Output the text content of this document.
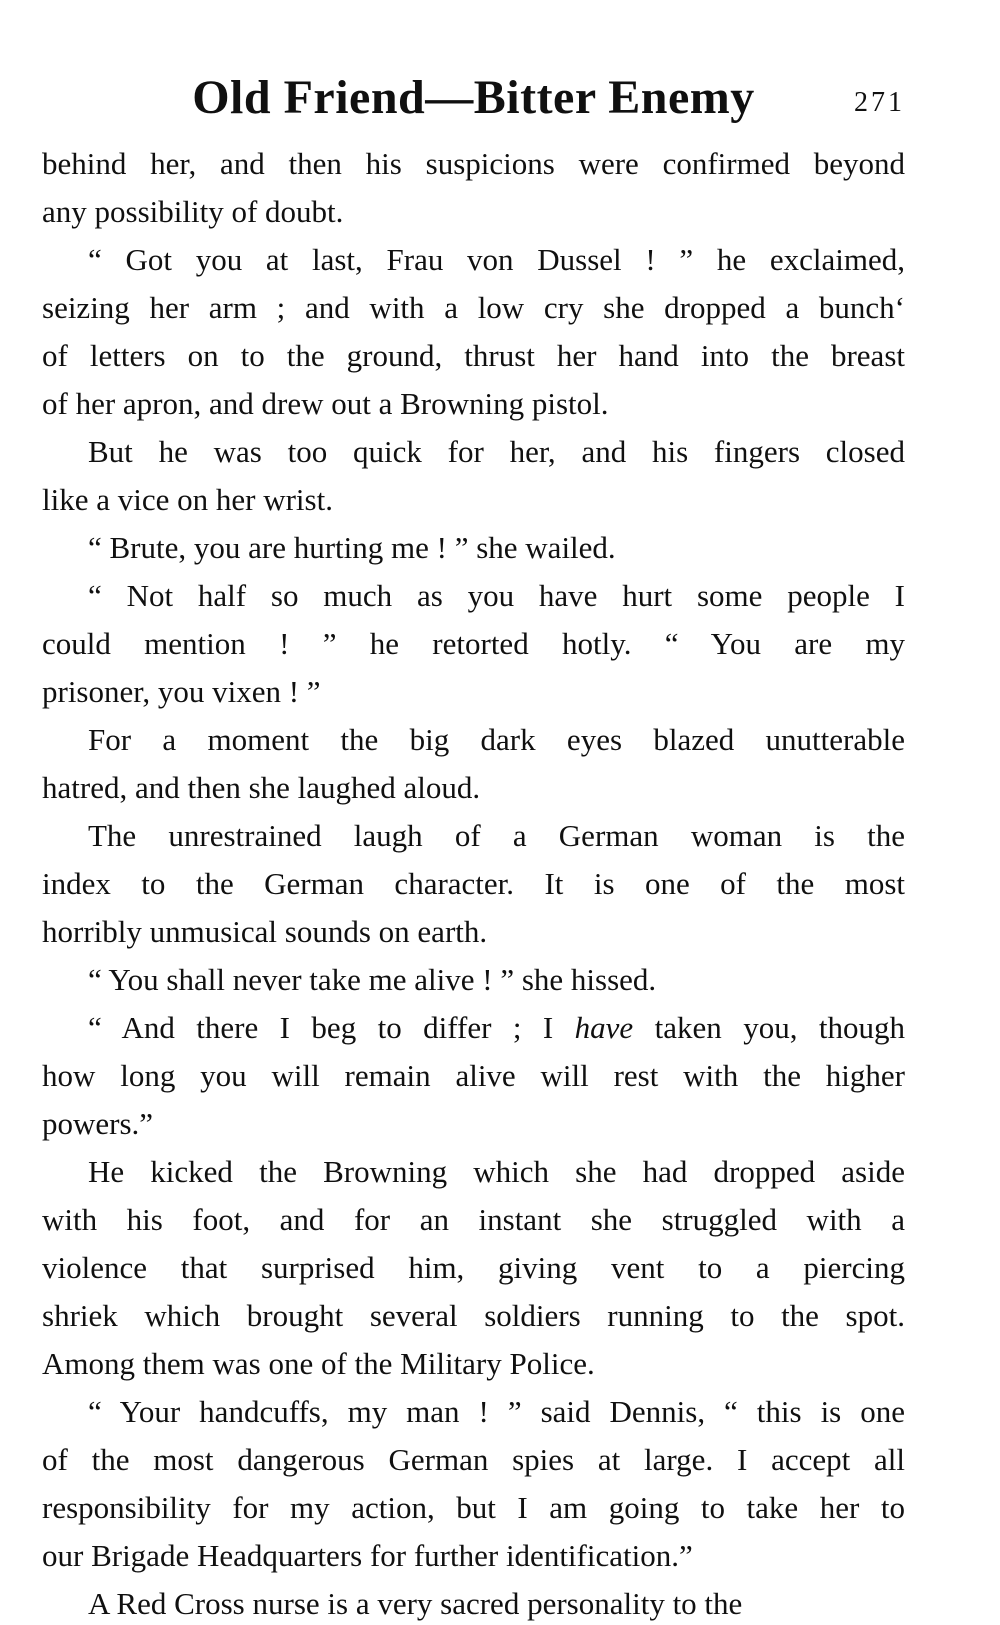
Old Friend—Bitter Enemy	271
behind her, and then his suspicions were confirmed beyond
any possibility of doubt.
“ Got you at last, Frau von Dussel ! ” he exclaimed,
seizing her arm ; and with a low cry she dropped a bunch‘
of letters on to the ground, thrust her hand into the breast
of her apron, and drew out a Browning pistol.
But he was too quick for her, and his fingers closed
like a vice on her wrist.
“ Brute, you are hurting me ! ” she wailed.
“ Not half so much as you have hurt some people I
could mention ! ” he retorted hotly. “ You are my
prisoner, you vixen ! ”
For a moment the big dark eyes blazed unutterable
hatred, and then she laughed aloud.
The unrestrained laugh of a German woman is the
index to the German character. It is one of the most
horribly unmusical sounds on earth.
“ You shall never take me alive ! ” she hissed.
“ And there I beg to differ ; I have taken you, though
how long you will remain alive will rest with the higher
powers.”
He kicked the Browning which she had dropped aside
with his foot, and for an instant she struggled with a
violence that surprised him, giving vent to a piercing
shriek which brought several soldiers running to the spot.
Among them was one of the Military Police.
“ Your handcuffs, my man ! ” said Dennis, “ this is one
of the most dangerous German spies at large. I accept all
responsibility for my action, but I am going to take her to
our Brigade Headquarters for further identification.”
A Red Cross nurse is a very sacred personality to the
